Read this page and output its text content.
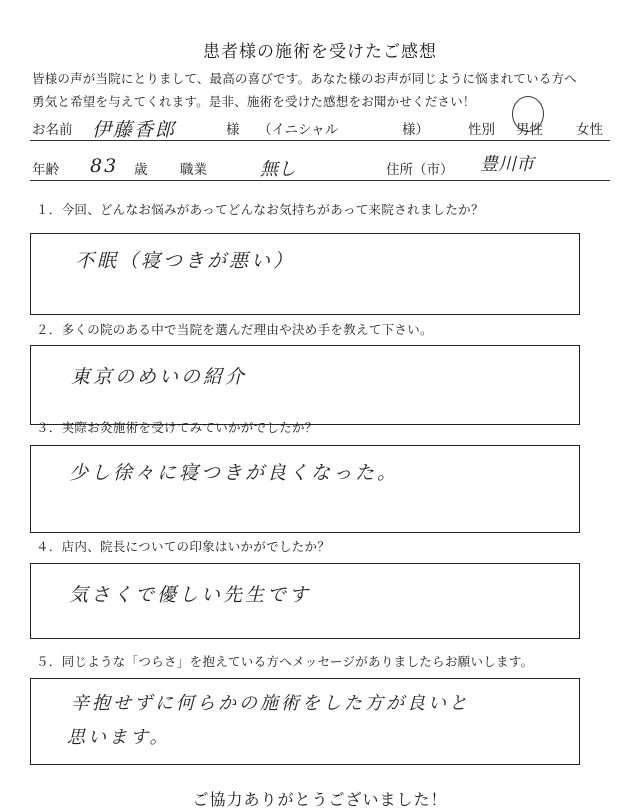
患者様の施術を受けたご感想
皆様の声が当院にとりまして、最高の喜びです。あなた様のお声が同じように悩まれている方へ
勇気と希望を与えてくれます。是非、施術を受けた感想をお聞かせください！
お名前 伊藤香郎	様 （イニシャル	様）	性別 男性 女性
年齢 83 歳 職業	無し	住所（市） 豊川市
１．今回、どんなお悩みがあってどんなお気持ちがあって来院されましたか？
不眠（寝つきが悪い）
２．多くの院のある中で当院を選んだ理由や決め手を教えて下さい。
東京のめいの紹介
３．実際お灸施術を受けてみていかがでしたか？
少し徐々に寝つきが良くなった。
４．店内、院長についての印象はいかがでしたか？
気さくで優しい先生です
５．同じような「つらさ」を抱えている方へメッセージがありましたらお願いします。
辛抱せずに何らかの施術をした方が良いと
思います。
ご協力ありがとうございました！
